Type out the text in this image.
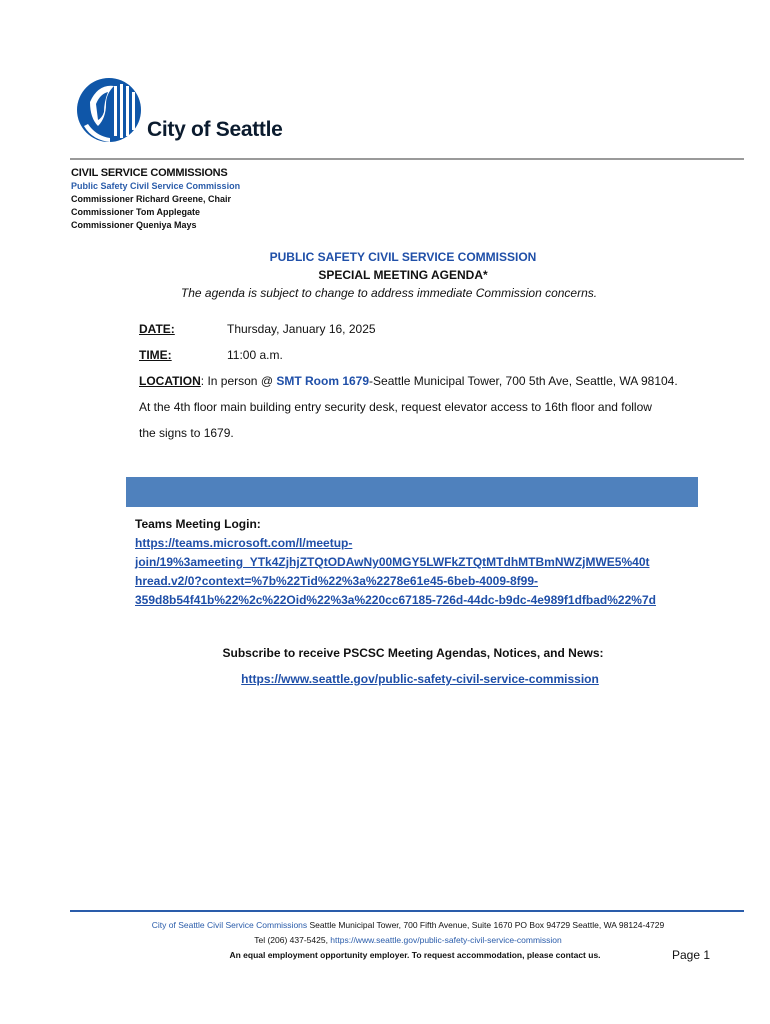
City of Seattle
CIVIL SERVICE COMMISSIONS
Public Safety Civil Service Commission
Commissioner Richard Greene, Chair
Commissioner Tom Applegate
Commissioner Queniya Mays
PUBLIC SAFETY CIVIL SERVICE COMMISSION
SPECIAL MEETING AGENDA*
The agenda is subject to change to address immediate Commission concerns.
DATE:	Thursday, January 16, 2025
TIME:	11:00 a.m.
LOCATION: In person @ SMT Room 1679-Seattle Municipal Tower, 700 5th Ave, Seattle, WA 98104.
At the 4th floor main building entry security desk, request elevator access to 16th floor and follow
the signs to 1679.
Teams Meeting Login:
https://teams.microsoft.com/l/meetup-
join/19%3ameeting_YTk4ZjhjZTQtODAwNy00MGY5LWFkZTQtMTdhMTBmNWZjMWE5%40t
hread.v2/0?context=%7b%22Tid%22%3a%2278e61e45-6beb-4009-8f99-
359d8b54f41b%22%2c%22Oid%22%3a%220cc67185-726d-44dc-b9dc-4e989f1dfbad%22%7d
Subscribe to receive PSCSC Meeting Agendas, Notices, and News:
https://www.seattle.gov/public-safety-civil-service-commission
City of Seattle Civil Service Commissions Seattle Municipal Tower, 700 Fifth Avenue, Suite 1670 PO Box 94729 Seattle, WA 98124-4729
Tel (206) 437-5425, https://www.seattle.gov/public-safety-civil-service-commission
An equal employment opportunity employer. To request accommodation, please contact us.	Page 1
